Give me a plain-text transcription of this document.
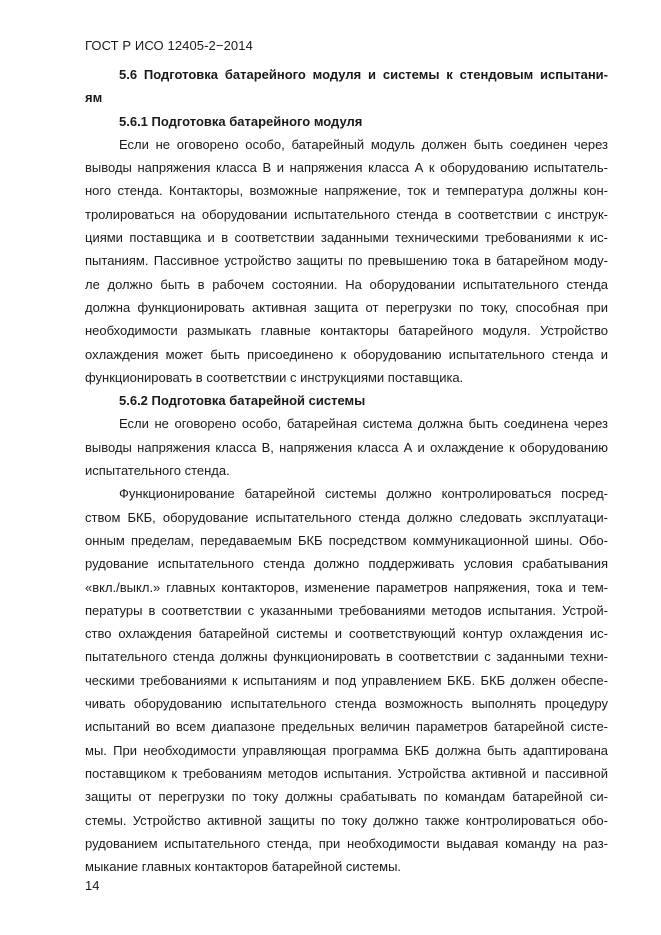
ГОСТ Р ИСО 12405-2−2014
5.6 Подготовка батарейного модуля и системы к стендовым испытани-
ям
5.6.1 Подготовка батарейного модуля
Если не оговорено особо, батарейный модуль должен быть соединен через
выводы напряжения класса В и напряжения класса А к оборудованию испытатель-
ного стенда. Контакторы, возможные напряжение, ток и температура должны кон-
тролироваться на оборудовании испытательного стенда в соответствии с инструк-
циями поставщика и в соответствии заданными техническими требованиями к ис-
пытаниям. Пассивное устройство защиты по превышению тока в батарейном моду-
ле должно быть в рабочем состоянии. На оборудовании испытательного стенда
должна функционировать активная защита от перегрузки по току, способная при
необходимости размыкать главные контакторы батарейного модуля. Устройство
охлаждения может быть присоединено к оборудованию испытательного стенда и
функционировать в соответствии с инструкциями поставщика.
5.6.2 Подготовка батарейной системы
Если не оговорено особо, батарейная система должна быть соединена через
выводы напряжения класса В, напряжения класса А и охлаждение к оборудованию
испытательного стенда.
Функционирование батарейной системы должно контролироваться посред-
ством БКБ, оборудование испытательного стенда должно следовать эксплуатаци-
онным пределам, передаваемым БКБ посредством коммуникационной шины. Обо-
рудование испытательного стенда должно поддерживать условия срабатывания
«вкл./выкл.» главных контакторов, изменение параметров напряжения, тока и тем-
пературы в соответствии с указанными требованиями методов испытания. Устрой-
ство охлаждения батарейной системы и соответствующий контур охлаждения ис-
пытательного стенда должны функционировать в соответствии с заданными техни-
ческими требованиями к испытаниям и под управлением БКБ. БКБ должен обеспе-
чивать оборудованию испытательного стенда возможность выполнять процедуру
испытаний во всем диапазоне предельных величин параметров батарейной систе-
мы. При необходимости управляющая программа БКБ должна быть адаптирована
поставщиком к требованиям методов испытания. Устройства активной и пассивной
защиты от перегрузки по току должны срабатывать по командам батарейной си-
стемы. Устройство активной защиты по току должно также контролироваться обо-
рудованием испытательного стенда, при необходимости выдавая команду на раз-
мыкание главных контакторов батарейной системы.
14
